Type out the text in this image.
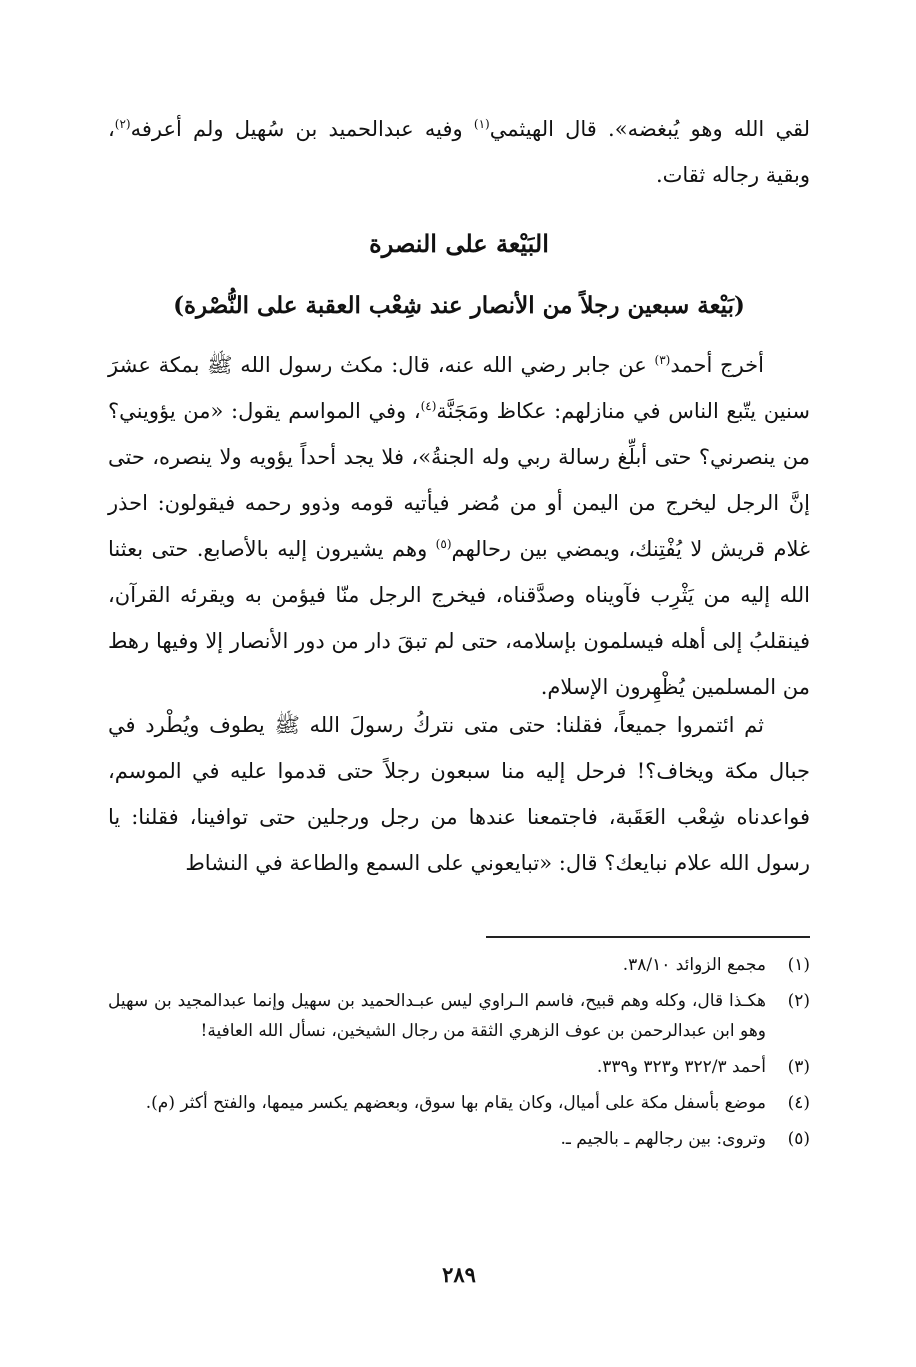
لقي الله وهو يُبغضه». قال الهيثمي$^{(١)}$ وفيه عبدالحميد بن سُهيل ولم أعرفه$^{(٢)}$، وبقية رجاله ثقات.

البَيْعة على النصرة
(بَيْعة سبعين رجلاً من الأنصار عند شِعْب العقبة على النُّصْرة)

أخرج أحمد$^{(٣)}$ عن جابر رضي الله عنه، قال: مكث رسول الله ﷺ بمكة عشرَ سنين يتّبع الناس في منازلهم: عكاظ ومَجَنَّة$^{(٤)}$، وفي المواسم يقول: «من يؤويني؟ من ينصرني؟ حتى أبلِّغ رسالة ربي وله الجنةُ»، فلا يجد أحداً يؤويه ولا ينصره، حتى إنَّ الرجل ليخرج من اليمن أو من مُضر فيأتيه قومه وذوو رحمه فيقولون: احذر غلام قريش لا يُفْتِنك، ويمضي بين رحالهم$^{(٥)}$ وهم يشيرون إليه بالأصابع. حتى بعثنا الله إليه من يَثْرِب فآويناه وصدَّقناه، فيخرج الرجل منّا فيؤمن به ويقرئه القرآن، فينقلبُ إلى أهله فيسلمون بإسلامه، حتى لم تبقَ دار من دور الأنصار إلا وفيها رهط من المسلمين يُظْهِرون الإسلام.

ثم ائتمروا جميعاً، فقلنا: حتى متى نتركُ رسولَ الله ﷺ يطوف ويُطْرد في جبال مكة ويخاف؟! فرحل إليه منا سبعون رجلاً حتى قدموا عليه في الموسم، فواعدناه شِعْب العَقَبة، فاجتمعنا عندها من رجل ورجلين حتى توافينا، فقلنا: يا رسول الله علام نبايعك؟ قال: «تبايعوني على السمع والطاعة في النشاط

(١)
مجمع الزوائد ٣٨/١٠.
(٢)
هكـذا قال، وكله وهم قبيح، فاسم الـراوي ليس عبـدالحميد بن سهيل وإنما عبدالمجيد بن سهيل وهو ابن عبدالرحمن بن عوف الزهري الثقة من رجال الشيخين، نسأل الله العافية!
(٣)
أحمد ٣٢٢/٣ و٣٢٣ و٣٣٩.
(٤)
موضع بأسفل مكة على أميال، وكان يقام بها سوق، وبعضهم يكسر ميمها، والفتح أكثر (م).
(٥)
وتروى: بين رجالهم ـ بالجيم ـ.
٢٨٩
